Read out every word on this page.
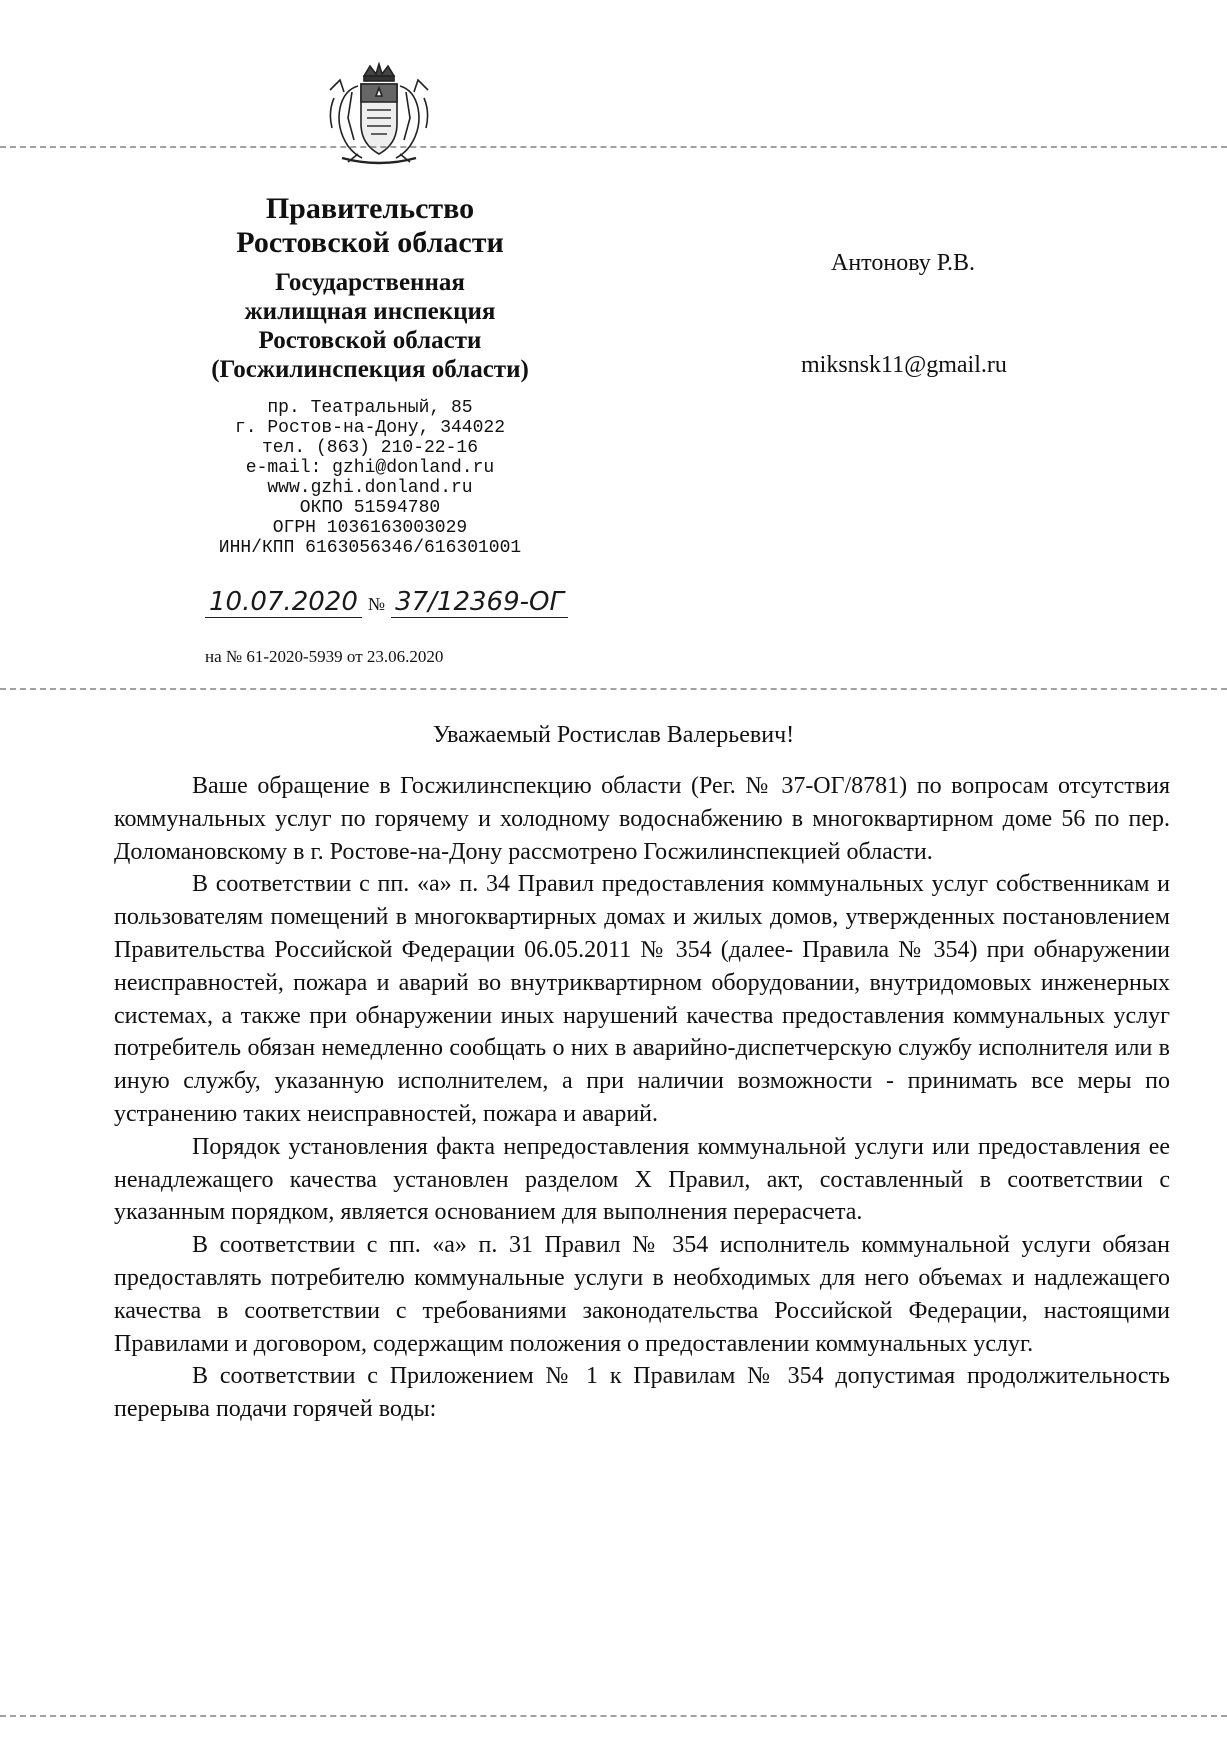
Правительство
Ростовской области
Государственная
жилищная инспекция
Ростовской области
(Госжилинспекция области)
пр. Театральный, 85
г. Ростов-на-Дону, 344022
тел. (863) 210-22-16
e-mail: gzhi@donland.ru
www.gzhi.donland.ru
ОКПО 51594780
ОГРН 1036163003029
ИНН/КПП 6163056346/616301001
10.07.2020 № 37/12369-ОГ
на № 61-2020-5939 от 23.06.2020
Антонову Р.В.
miksnsk11@gmail.ru
Уважаемый Ростислав Валерьевич!

Ваше обращение в Госжилинспекцию области (Рег. № 37-ОГ/8781) по вопросам отсутствия коммунальных услуг по горячему и холодному водоснабжению в многоквартирном доме 56 по пер. Доломановскому в г. Ростове-на-Дону рассмотрено Госжилинспекцией области.

В соответствии с пп. «а» п. 34 Правил предоставления коммунальных услуг собственникам и пользователям помещений в многоквартирных домах и жилых домов, утвержденных постановлением Правительства Российской Федерации 06.05.2011 № 354 (далее- Правила № 354) при обнаружении неисправностей, пожара и аварий во внутриквартирном оборудовании, внутридомовых инженерных системах, а также при обнаружении иных нарушений качества предоставления коммунальных услуг потребитель обязан немедленно сообщать о них в аварийно-диспетчерскую службу исполнителя или в иную службу, указанную исполнителем, а при наличии возможности - принимать все меры по устранению таких неисправностей, пожара и аварий.

Порядок установления факта непредоставления коммунальной услуги или предоставления ее ненадлежащего качества установлен разделом X Правил, акт, составленный в соответствии с указанным порядком, является основанием для выполнения перерасчета.

В соответствии с пп. «а» п. 31 Правил № 354 исполнитель коммунальной услуги обязан предоставлять потребителю коммунальные услуги в необходимых для него объемах и надлежащего качества в соответствии с требованиями законодательства Российской Федерации, настоящими Правилами и договором, содержащим положения о предоставлении коммунальных услуг.

В соответствии с Приложением № 1 к Правилам № 354 допустимая продолжительность перерыва подачи горячей воды:
